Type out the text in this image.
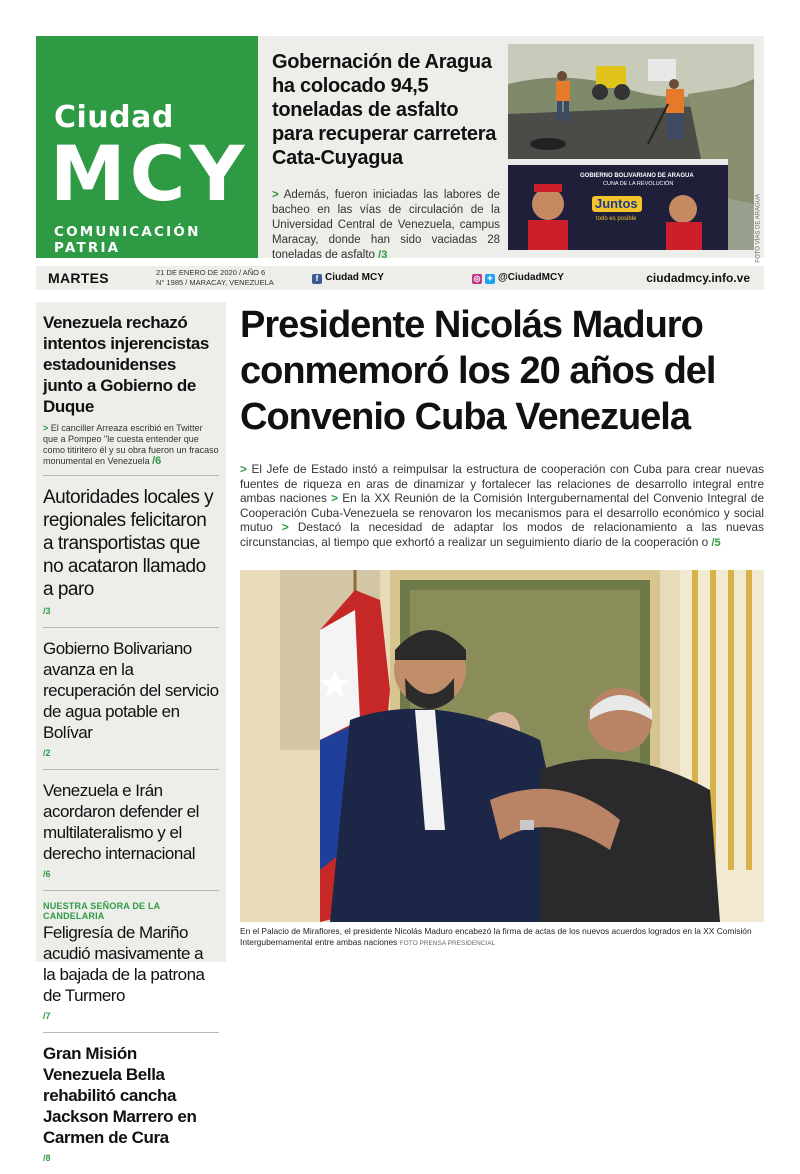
Ciudad
MCY
COMUNICACIÓN PATRIA
Gobernación de Aragua ha colocado 94,5 toneladas de asfalto para recuperar carretera Cata-Cuyagua

> Además, fueron iniciadas las labores de bacheo en las vías de circulación de la Universidad Central de Venezuela, campus Maracay, donde han sido vaciadas 28 toneladas de asfalto /3

GOBIERNO BOLIVARIANO DE ARAGUA
CUNA DE LA REVOLUCIÓN
Juntos
todo es posible	FOTO VÍAS DE ARAGUA
MARTES	21 DE ENERO DE 2020 / AÑO 6
N° 1985 / MARACAY, VENEZUELA	f Ciudad MCY	◎ ✦ @CiudadMCY	ciudadmcy.info.ve
Venezuela rechazó intentos injerencistas estadounidenses junto a Gobierno de Duque

> El canciller Arreaza escribió en Twitter que a Pompeo "le cuesta entender que como titiritero él y su obra fueron un fracaso monumental en Venezuela /6

Autoridades locales y regionales felicitaron a transportistas que no acataron llamado a paro
/3
Gobierno Bolivariano avanza en la recuperación del servicio de agua potable en Bolívar
/2
Venezuela e Irán acordaron defender el multilateralismo y el derecho internacional
/6
NUESTRA SEÑORA DE LA CANDELARIA
Feligresía de Mariño acudió masivamente a la bajada de la patrona de Turmero
/7
Gran Misión Venezuela Bella rehabilitó cancha Jackson Marrero en Carmen de Cura
/8
Presidente Nicolás Maduro conmemoró los 20 años del Convenio Cuba Venezuela
> El Jefe de Estado instó a reimpulsar la estructura de cooperación con Cuba para crear nuevas fuentes de riqueza en aras de dinamizar y fortalecer las relaciones de desarrollo integral entre ambas naciones > En la XX Reunión de la Comisión Intergubernamental del Convenio Integral de Cooperación Cuba-Venezuela se renovaron los mecanismos para el desarrollo económico y social mutuo > Destacó la necesidad de adaptar los modos de relacionamiento a las nuevas circunstancias, al tiempo que exhortó a realizar un seguimiento diario de la cooperación o /5
En el Palacio de Miraflores, el presidente Nicolás Maduro encabezó la firma de actas de los nuevos acuerdos logrados en la XX Comisión Intergubernamental entre ambas naciones FOTO PRENSA PRESIDENCIAL
